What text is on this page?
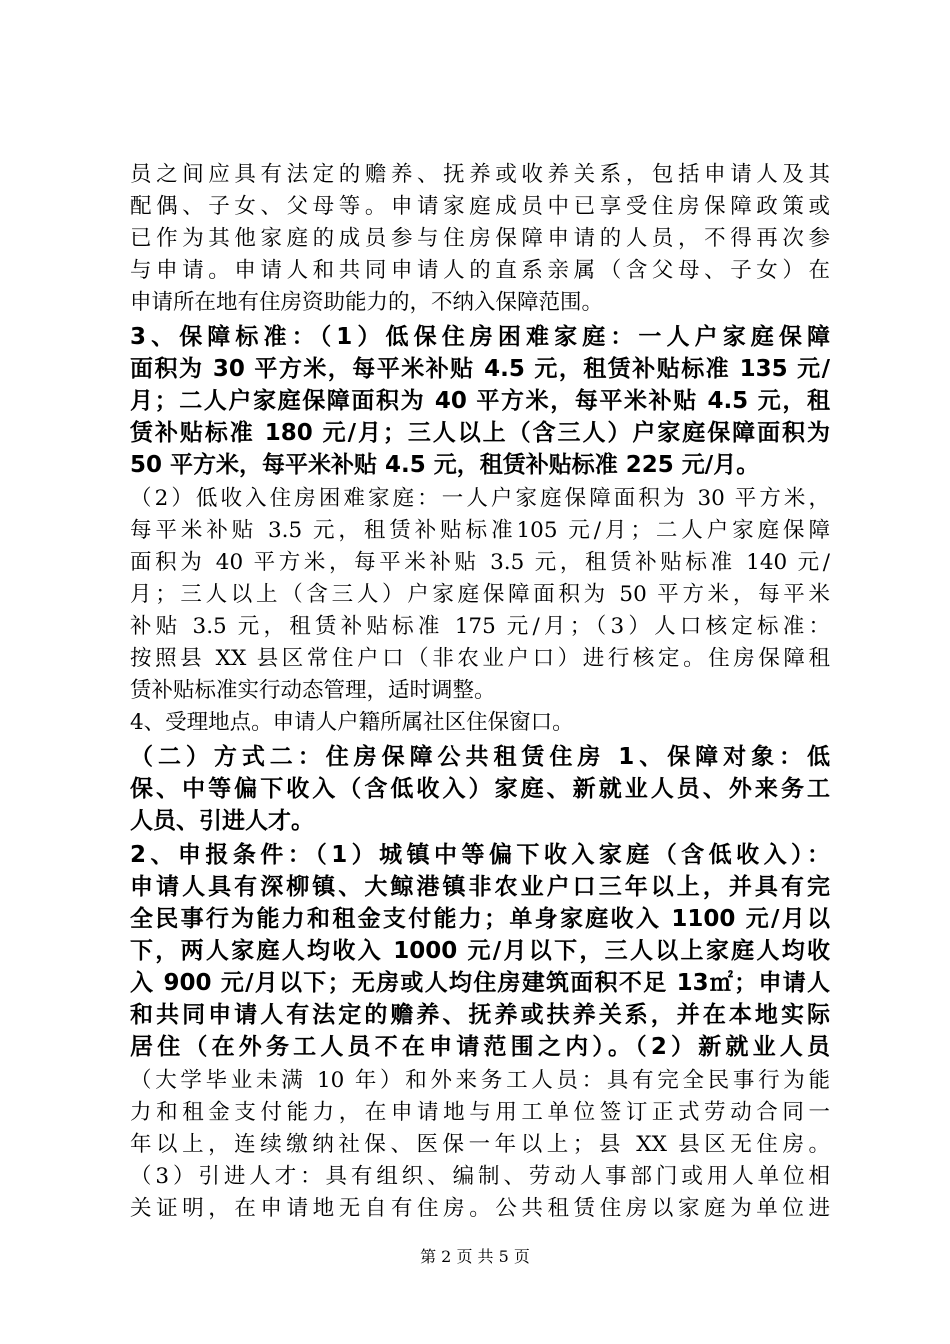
员之间应具有法定的赡养、抚养或收养关系，包括申请人及其
配偶、子女、父母等。申请家庭成员中已享受住房保障政策或
已作为其他家庭的成员参与住房保障申请的人员，不得再次参
与申请。申请人和共同申请人的直系亲属（含父母、子女）在
申请所在地有住房资助能力的，不纳入保障范围。
3、保障标准：（1）低保住房困难家庭：一人户家庭保障
面积为 30 平方米，每平米补贴 4.5 元，租赁补贴标准 135 元/
月；二人户家庭保障面积为 40 平方米，每平米补贴 4.5 元，租
赁补贴标准 180 元/月；三人以上（含三人）户家庭保障面积为
50 平方米，每平米补贴 4.5 元，租赁补贴标准 225 元/月。
（2）低收入住房困难家庭：一人户家庭保障面积为 30 平方米，
每平米补贴 3.5 元，租赁补贴标准105 元/月；二人户家庭保障
面积为 40 平方米，每平米补贴 3.5 元，租赁补贴标准 140 元/
月；三人以上（含三人）户家庭保障面积为 50 平方米，每平米
补贴 3.5 元，租赁补贴标准 175 元/月；（3）人口核定标准：
按照县 XX 县区常住户口（非农业户口）进行核定。住房保障租
赁补贴标准实行动态管理，适时调整。
4、受理地点。申请人户籍所属社区住保窗口。
（二）方式二：住房保障公共租赁住房 1、保障对象：低
保、中等偏下收入（含低收入）家庭、新就业人员、外来务工
人员、引进人才。
2、申报条件：（1）城镇中等偏下收入家庭（含低收入）：
申请人具有深柳镇、大鲸港镇非农业户口三年以上，并具有完
全民事行为能力和租金支付能力；单身家庭收入 1100 元/月以
下，两人家庭人均收入 1000 元/月以下，三人以上家庭人均收
入 900 元/月以下；无房或人均住房建筑面积不足 13㎡；申请人
和共同申请人有法定的赡养、抚养或扶养关系，并在本地实际
居住（在外务工人员不在申请范围之内）。（2）新就业人员
（大学毕业未满 10 年）和外来务工人员：具有完全民事行为能
力和租金支付能力，在申请地与用工单位签订正式劳动合同一
年以上，连续缴纳社保、医保一年以上；县 XX 县区无住房。
（3）引进人才：具有组织、编制、劳动人事部门或用人单位相
关证明，在申请地无自有住房。公共租赁住房以家庭为单位进
第 2 页 共 5 页
